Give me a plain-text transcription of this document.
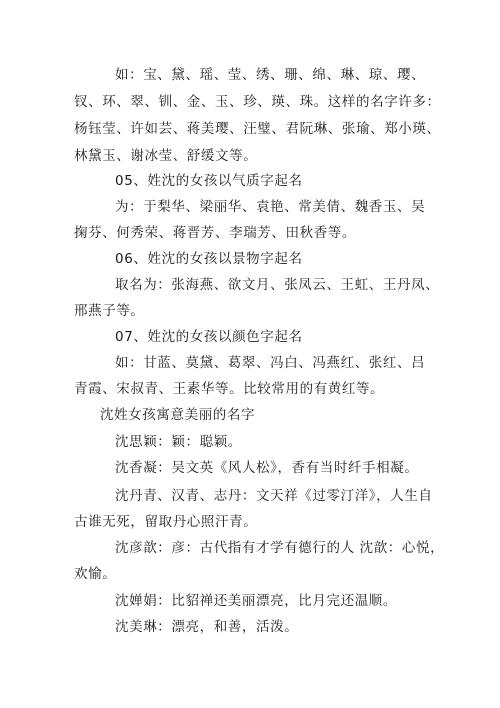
如：宝、黛、瑶、莹、绣、珊、绵、琳、琼、璎、
钗、环、翠、钏、金、玉、珍、瑛、珠。这样的名字许多：
杨钰莹、许如芸、蒋美璎、汪璧、君阮琳、张瑜、郑小瑛、
林黛玉、谢冰莹、舒缓文等。
05、姓沈的女孩以气质字起名
为：于梨华、梁丽华、袁艳、常美倩、魏香玉、吴
掬芬、何秀荣、蒋晋芳、李瑞芳、田秋香等。
06、姓沈的女孩以景物字起名
取名为：张海燕、欲文月、张凤云、王虹、王丹凤、
邢燕子等。
07、姓沈的女孩以颜色字起名
如：甘蓝、莫黛、葛翠、冯白、冯燕红、张红、吕
青霞、宋叔青、王素华等。比较常用的有黄红等。
沈姓女孩寓意美丽的名字
沈思颖：颖：聪颖。
沈香凝：吴文英《风人松》，香有当时纤手相凝。
沈丹青、汉青、志丹：文天祥《过零汀洋》，人生自
古谁无死，留取丹心照汗青。
沈彦歆：彦：古代指有才学有德行的人 沈歆：心悦，
欢愉。
沈婵娟：比貂禅还美丽漂亮，比月完还温顺。
沈美琳：漂亮，和善，活泼。
